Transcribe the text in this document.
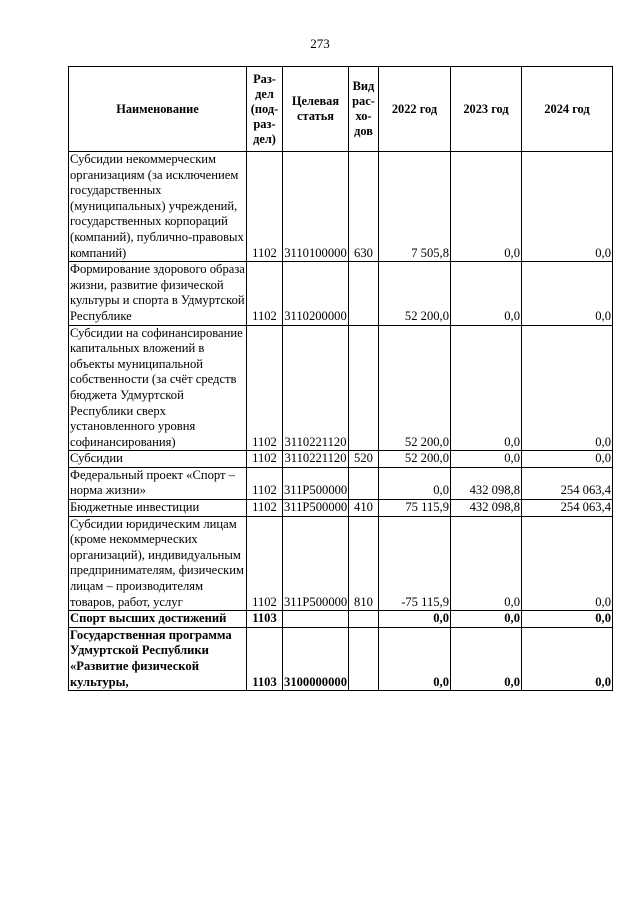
273
Наименование	Раз-
дел
(под-
раз-
дел)	Целевая
статья	Вид
рас-
хо-
дов	2022 год	2023 год	2024 год
Субсидии некоммерческим организациям (за исключением государственных (муниципальных) учреждений, государственных корпораций (компаний), публично-правовых компаний)	1102	3110100000	630	7 505,8	0,0	0,0
Формирование здорового образа жизни, развитие физической культуры и спорта в Удмуртской Республике	1102	3110200000		52 200,0	0,0	0,0
Субсидии на софинансирование капитальных вложений в объекты муниципальной собственности (за счёт средств бюджета Удмуртской Республики сверх установленного уровня софинансирования)	1102	3110221120		52 200,0	0,0	0,0
Субсидии	1102	3110221120	520	52 200,0	0,0	0,0
Федеральный проект «Спорт – норма жизни»	1102	311P500000		0,0	432 098,8	254 063,4
Бюджетные инвестиции	1102	311P500000	410	75 115,9	432 098,8	254 063,4
Субсидии юридическим лицам (кроме некоммерческих организаций), индивидуальным предпринимателям, физическим лицам – производителям товаров, работ, услуг	1102	311P500000	810	-75 115,9	0,0	0,0
Спорт высших достижений	1103			0,0	0,0	0,0
Государственная программа Удмуртской Республики «Развитие физической культуры,	1103	3100000000		0,0	0,0	0,0
